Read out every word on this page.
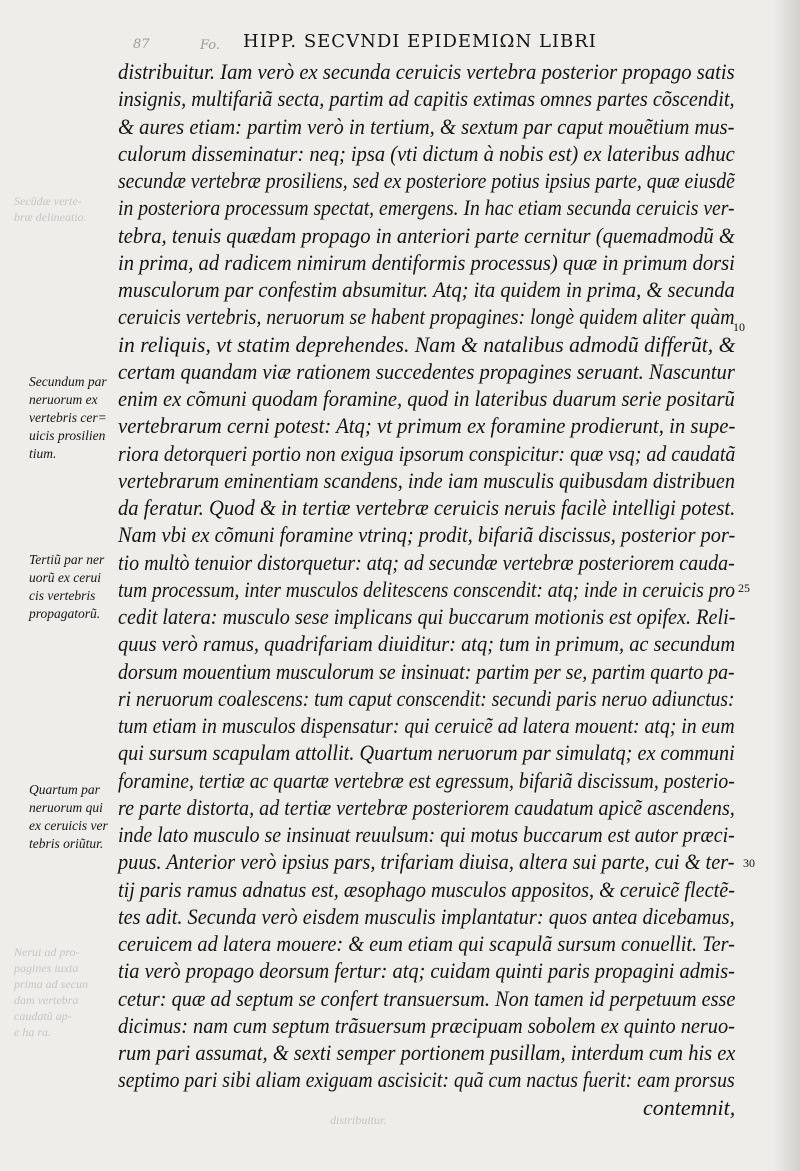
87	Fo. HIPP. SECVNDI EPIDEMIΩN LIBRI
distribuitur. Iam verò ex secunda ceruicis vertebra posterior propago satis
insignis, multifariã secta, partim ad capitis extimas omnes partes cõscendit,
& aures etiam: partim verò in tertium, & sextum par caput mouẽtium mus-
culorum disseminatur: neq; ipsa (vti dictum à nobis est) ex lateribus adhuc
secundæ vertebræ prosiliens, sed ex posteriore potius ipsius parte, quæ eiusdẽ
in posteriora processum spectat, emergens. In hac etiam secunda ceruicis ver-
tebra, tenuis quædam propago in anteriori parte cernitur (quemadmodũ &
in prima, ad radicem nimirum dentiformis processus) quæ in primum dorsi
musculorum par confestim absumitur. Atq; ita quidem in prima, & secunda
ceruicis vertebris, neruorum se habent propagines: longè quidem aliter quàm
in reliquis, vt statim deprehendes. Nam & natalibus admodũ differũt, &
certam quandam viæ rationem succedentes propagines seruant. Nascuntur
enim ex cõmuni quodam foramine, quod in lateribus duarum serie positarũ
vertebrarum cerni potest: Atq; vt primum ex foramine prodierunt, in supe-
riora detorqueri portio non exigua ipsorum conspicitur: quæ vsq; ad caudatã
vertebrarum eminentiam scandens, inde iam musculis quibusdam distribuen
da feratur. Quod & in tertiæ vertebræ ceruicis neruis facilè intelligi potest.
Nam vbi ex cõmuni foramine vtrinq; prodit, bifariã discissus, posterior por-
tio multò tenuior distorquetur: atq; ad secundæ vertebræ posteriorem cauda-
tum processum, inter musculos delitescens conscendit: atq; inde in ceruicis pro
cedit latera: musculo sese implicans qui buccarum motionis est opifex. Reli-
quus verò ramus, quadrifariam diuiditur: atq; tum in primum, ac secundum
dorsum mouentium musculorum se insinuat: partim per se, partim quarto pa-
ri neruorum coalescens: tum caput conscendit: secundi paris neruo adiunctus:
tum etiam in musculos dispensatur: qui ceruicẽ ad latera mouent: atq; in eum
qui sursum scapulam attollit. Quartum neruorum par simulatq; ex communi
foramine, tertiæ ac quartæ vertebræ est egressum, bifariã discissum, posterio-
re parte distorta, ad tertiæ vertebræ posteriorem caudatum apicẽ ascendens,
inde lato musculo se insinuat reuulsum: qui motus buccarum est autor præci-
puus. Anterior verò ipsius pars, trifariam diuisa, altera sui parte, cui & ter-
tij paris ramus adnatus est, æsophago musculos appositos, & ceruicẽ flectẽ-
tes adit. Secunda verò eisdem musculis implantatur: quos antea dicebamus,
ceruicem ad latera mouere: & eum etiam qui scapulã sursum conuellit. Ter-
tia verò propago deorsum fertur: atq; cuidam quinti paris propagini admis-
cetur: quæ ad septum se confert transuersum. Non tamen id perpetuum esse
dicimus: nam cum septum trãsuersum præcipuam sobolem ex quinto neruo-
rum pari assumat, & sexti semper portionem pusillam, interdum cum his ex
septimo pari sibi aliam exiguam ascisicit: quã cum nactus fuerit: eam prorsus
contemnit,
10
25
30
Secundum par
neruorum ex
vertebris cer=
uicis prosilien
tium.
Tertiũ par ner
uorũ ex cerui
cis vertebris
propagatorũ.
Quartum par
neruorum qui
ex ceruicis ver
tebris oriũtur.
Secũdæ verte-
bræ delineatio.
Nerui ad pro-
pagines iuxta
prima ad secun
dam vertebra
caudatũ ap-
e ha ra.
distribuitur.
